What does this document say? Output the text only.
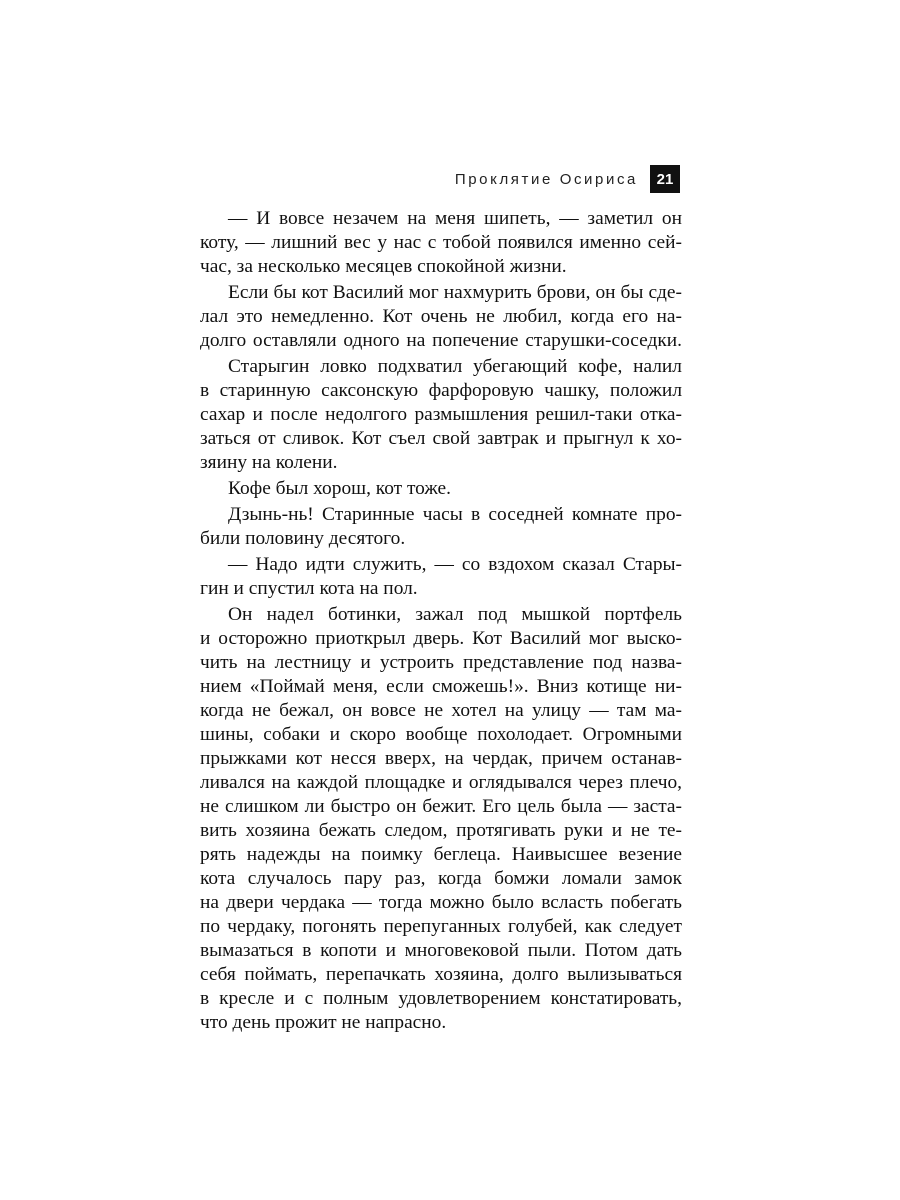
Проклятие Осириса	21

— И вовсе незачем на меня шипеть, — заметил он

коту, — лишний вес у нас с тобой появился именно сей-

час, за несколько месяцев спокойной жизни.

Если бы кот Василий мог нахмурить брови, он бы сде-

лал это немедленно. Кот очень не любил, когда его на-

долго оставляли одного на попечение старушки-соседки.

Старыгин ловко подхватил убегающий кофе, налил

в старинную саксонскую фарфоровую чашку, положил

сахар и после недолгого размышления решил-таки отка-

заться от сливок. Кот съел свой завтрак и прыгнул к хо-

зяину на колени.

Кофе был хорош, кот тоже.

Дзынь-нь! Старинные часы в соседней комнате про-

били половину десятого.

— Надо идти служить, — со вздохом сказал Стары-

гин и спустил кота на пол.

Он надел ботинки, зажал под мышкой портфель

и осторожно приоткрыл дверь. Кот Василий мог выско-

чить на лестницу и устроить представление под назва-

нием «Поймай меня, если сможешь!». Вниз котище ни-

когда не бежал, он вовсе не хотел на улицу — там ма-

шины, собаки и скоро вообще похолодает. Огромными

прыжками кот несся вверх, на чердак, причем останав-

ливался на каждой площадке и оглядывался через плечо,

не слишком ли быстро он бежит. Его цель была — заста-

вить хозяина бежать следом, протягивать руки и не те-

рять надежды на поимку беглеца. Наивысшее везение

кота случалось пару раз, когда бомжи ломали замок

на двери чердака — тогда можно было всласть побегать

по чердаку, погонять перепуганных голубей, как следует

вымазаться в копоти и многовековой пыли. Потом дать

себя поймать, перепачкать хозяина, долго вылизываться

в кресле и с полным удовлетворением констатировать,

что день прожит не напрасно.
